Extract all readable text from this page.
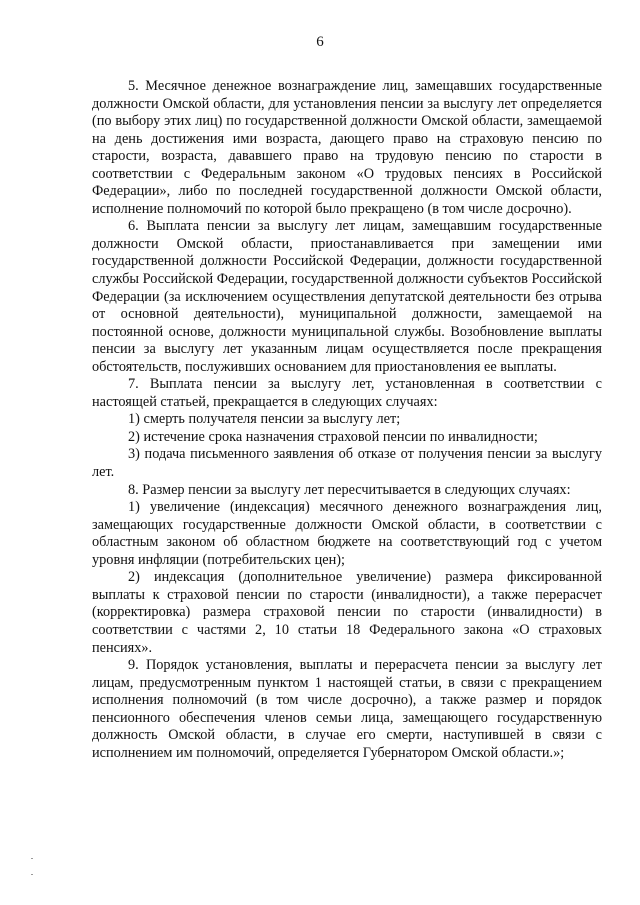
6

5. Месячное денежное вознаграждение лиц, замещавших государственные должности Омской области, для установления пенсии за выслугу лет определяется (по выбору этих лиц) по государственной должности Омской области, замещаемой на день достижения ими возраста, дающего право на страховую пенсию по старости, возраста, дававшего право на трудовую пенсию по старости в соответствии с Федеральным законом «О трудовых пенсиях в Российской Федерации», либо по последней государственной должности Омской области, исполнение полномочий по которой было прекращено (в том числе досрочно).

6. Выплата пенсии за выслугу лет лицам, замещавшим государственные должности Омской области, приостанавливается при замещении ими государственной должности Российской Федерации, должности государственной службы Российской Федерации, государственной должности субъектов Российской Федерации (за исключением осуществления депутатской деятельности без отрыва от основной деятельности), муниципальной должности, замещаемой на постоянной основе, должности муниципальной службы. Возобновление выплаты пенсии за выслугу лет указанным лицам осуществляется после прекращения обстоятельств, послуживших основанием для приостановления ее выплаты.

7. Выплата пенсии за выслугу лет, установленная в соответствии с настоящей статьей, прекращается в следующих случаях:

1) смерть получателя пенсии за выслугу лет;

2) истечение срока назначения страховой пенсии по инвалидности;

3) подача письменного заявления об отказе от получения пенсии за выслугу лет.

8. Размер пенсии за выслугу лет пересчитывается в следующих случаях:

1) увеличение (индексация) месячного денежного вознаграждения лиц, замещающих государственные должности Омской области, в соответствии с областным законом об областном бюджете на соответствующий год с учетом уровня инфляции (потребительских цен);

2) индексация (дополнительное увеличение) размера фиксированной выплаты к страховой пенсии по старости (инвалидности), а также перерасчет (корректировка) размера страховой пенсии по старости (инвалидности) в соответствии с частями 2, 10 статьи 18 Федерального закона «О страховых пенсиях».

9. Порядок установления, выплаты и перерасчета пенсии за выслугу лет лицам, предусмотренным пунктом 1 настоящей статьи, в связи с прекращением исполнения полномочий (в том числе досрочно), а также размер и порядок пенсионного обеспечения членов семьи лица, замещающего государственную должность Омской области, в случае его смерти, наступившей в связи с исполнением им полномочий, определяется Губернатором Омской области.»;
